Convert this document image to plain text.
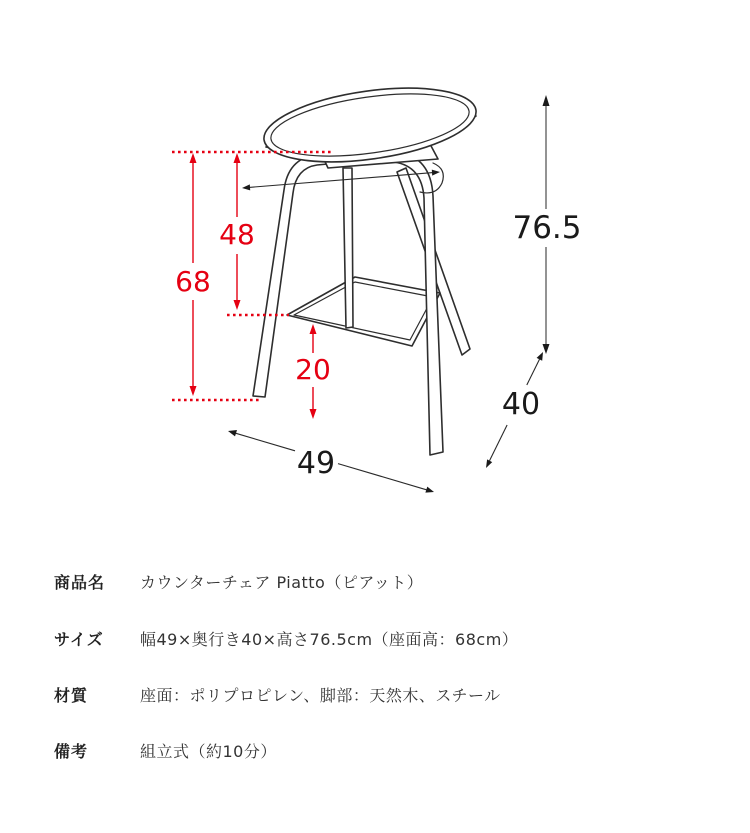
68
48
20
76.5
49
40
商品名 カウンターチェア Piatto（ピアット）
サイズ 幅49×奥行き40×高さ76.5cm（座面高：68cm）
材質	座面：ポリプロピレン、脚部：天然木、スチール
備考	組立式（約10分）
